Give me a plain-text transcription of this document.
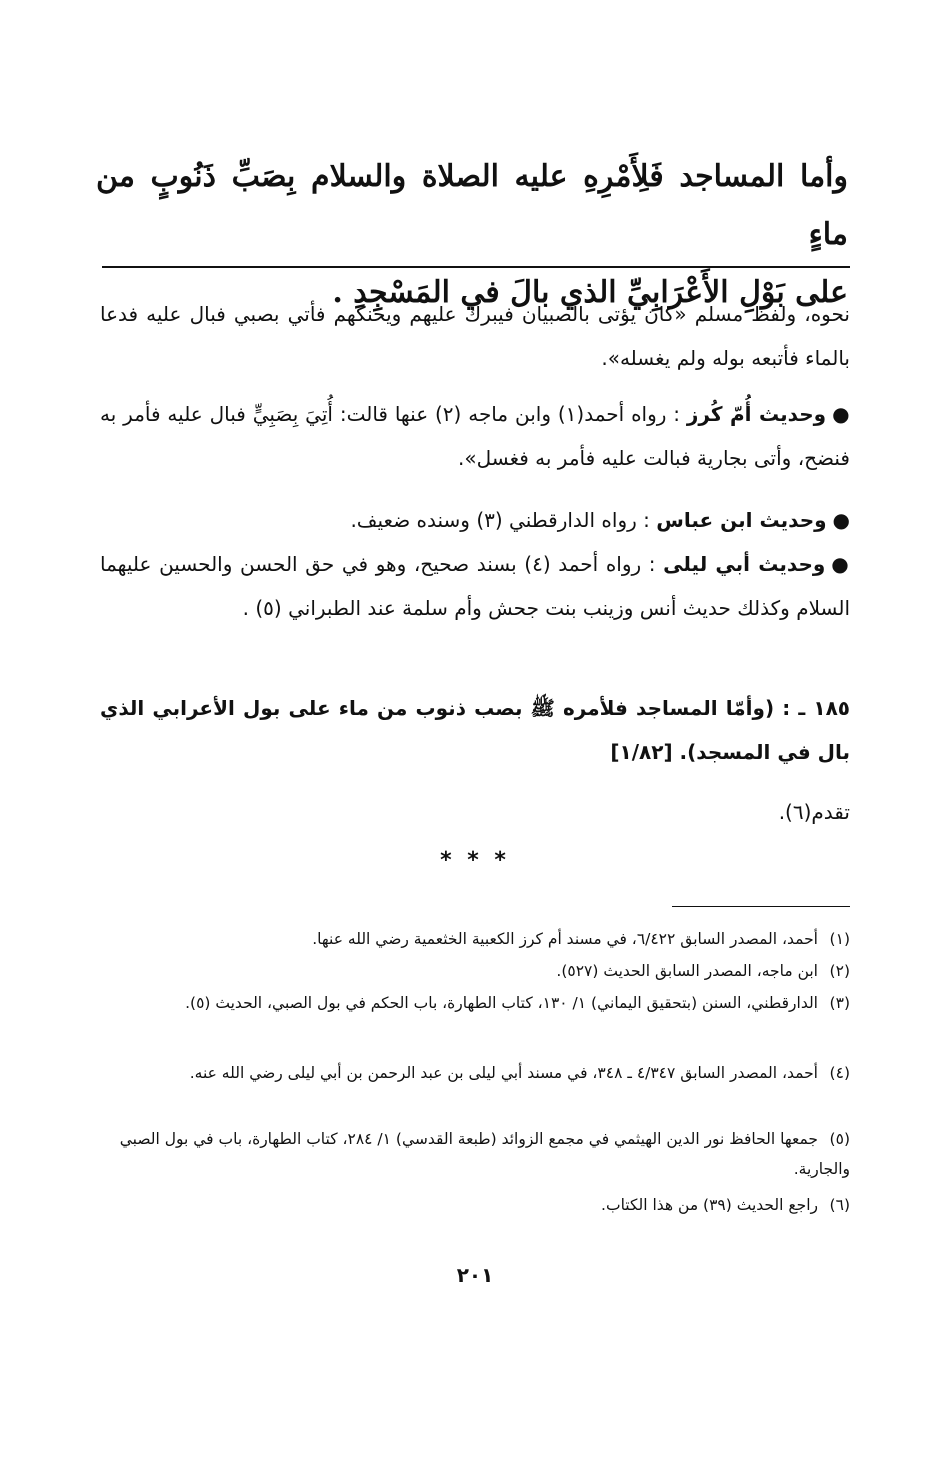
وأما المساجد فَلِأَمْرِهِ عليه الصلاة والسلام بِصَبِّ ذَنُوبٍ من ماءٍ

على بَوْلِ الأَعْرَابِيِّ الذي بالَ في المَسْجِدِ .

نحوه، ولفظ مسلم «كان يؤتى بالصبيان فيبرك عليهم ويحنكهم فأتي بصبي فبال عليه فدعا بالماء فأتبعه بوله ولم يغسله».
●وحديث أُمّ كُرز : رواه أحمد(١) وابن ماجه (٢) عنها قالت: أُتِيَ بِصَبِيٍّ فبال عليه فأمر به فنضح، وأتى بجارية فبالت عليه فأمر به فغسل».
●وحديث ابن عباس : رواه الدارقطني (٣) وسنده ضعيف.
●وحديث أبي ليلى : رواه أحمد (٤) بسند صحيح، وهو في حق الحسن والحسين عليهما السلام وكذلك حديث أنس وزينب بنت جحش وأم سلمة عند الطبراني (٥) .
١٨٥ ـ : (وأمّا المساجد فلأمره ﷺ بصب ذنوب من ماء على بول الأعرابي الذي بال في المسجد). [١/٨٢]
تقدم(٦).
* * *
(١)أحمد، المصدر السابق ٦/٤٢٢، في مسند أم كرز الكعبية الخثعمية رضي الله عنها.
(٢)ابن ماجه، المصدر السابق الحديث (٥٢٧).
(٣)الدارقطني، السنن (بتحقيق اليماني) ١/ ١٣٠، كتاب الطهارة، باب الحكم في بول الصبي، الحديث (٥).
(٤)أحمد، المصدر السابق ٤/٣٤٧ ـ ٣٤٨، في مسند أبي ليلى بن عبد الرحمن بن أبي ليلى رضي الله عنه.
(٥)جمعها الحافظ نور الدين الهيثمي في مجمع الزوائد (طبعة القدسي) ١/ ٢٨٤، كتاب الطهارة، باب في بول الصبي والجارية.
(٦)راجع الحديث (٣٩) من هذا الكتاب.
٢٠١
